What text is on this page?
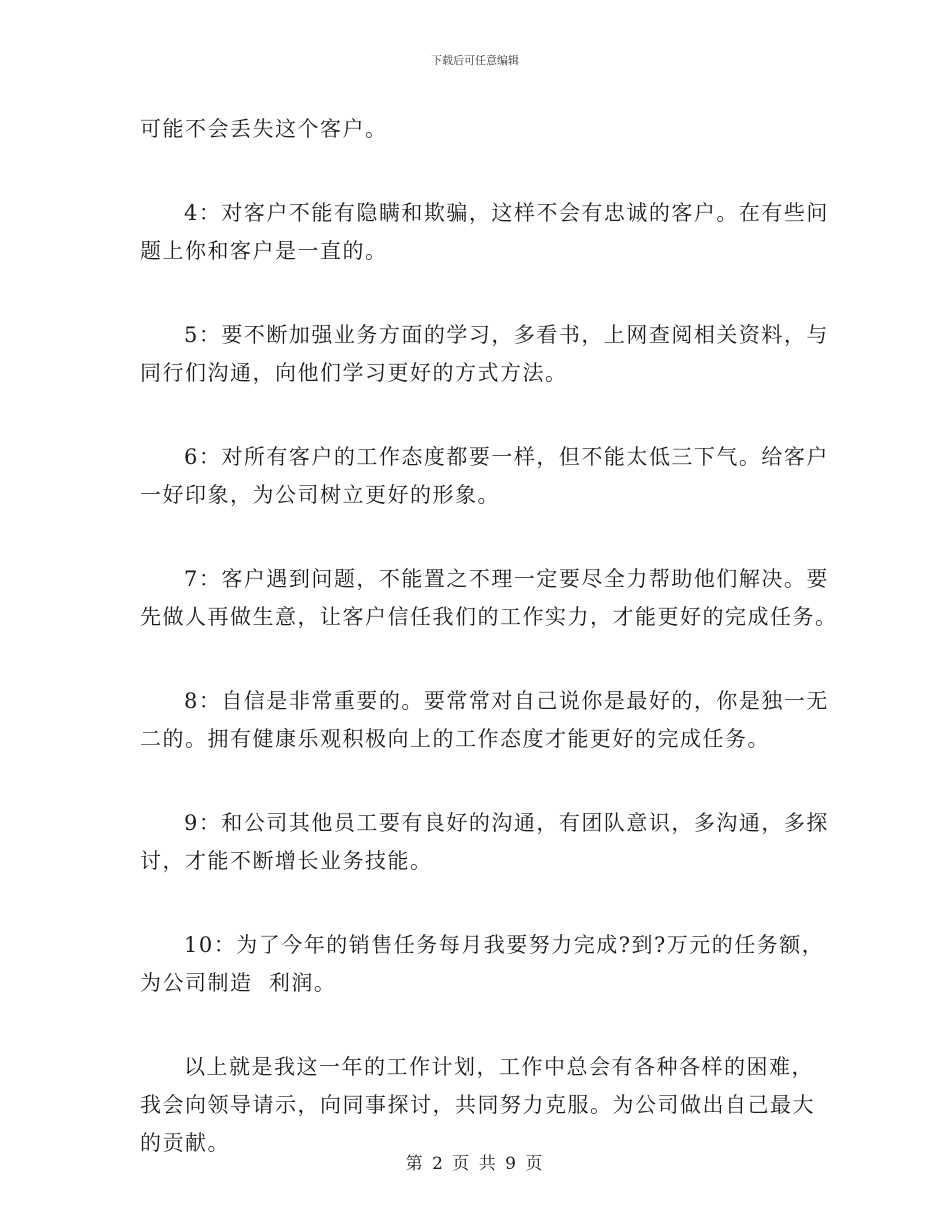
下载后可任意编辑

可能不会丢失这个客户。

4：对客户不能有隐瞒和欺骗，这样不会有忠诚的客户。在有些问
题上你和客户是一直的。

5：要不断加强业务方面的学习，多看书，上网查阅相关资料，与
同行们沟通，向他们学习更好的方式方法。

6：对所有客户的工作态度都要一样，但不能太低三下气。给客户
一好印象，为公司树立更好的形象。

7：客户遇到问题，不能置之不理一定要尽全力帮助他们解决。要
先做人再做生意，让客户信任我们的工作实力，才能更好的完成任务。

8：自信是非常重要的。要常常对自己说你是最好的，你是独一无
二的。拥有健康乐观积极向上的工作态度才能更好的完成任务。

9：和公司其他员工要有良好的沟通，有团队意识，多沟通，多探
讨，才能不断增长业务技能。

10：为了今年的销售任务每月我要努力完成?到?万元的任务额，
为公司制造  利润。

以上就是我这一年的工作计划，工作中总会有各种各样的困难，
我会向领导请示，向同事探讨，共同努力克服。为公司做出自己最大
的贡献。

第 2 页 共 9 页
